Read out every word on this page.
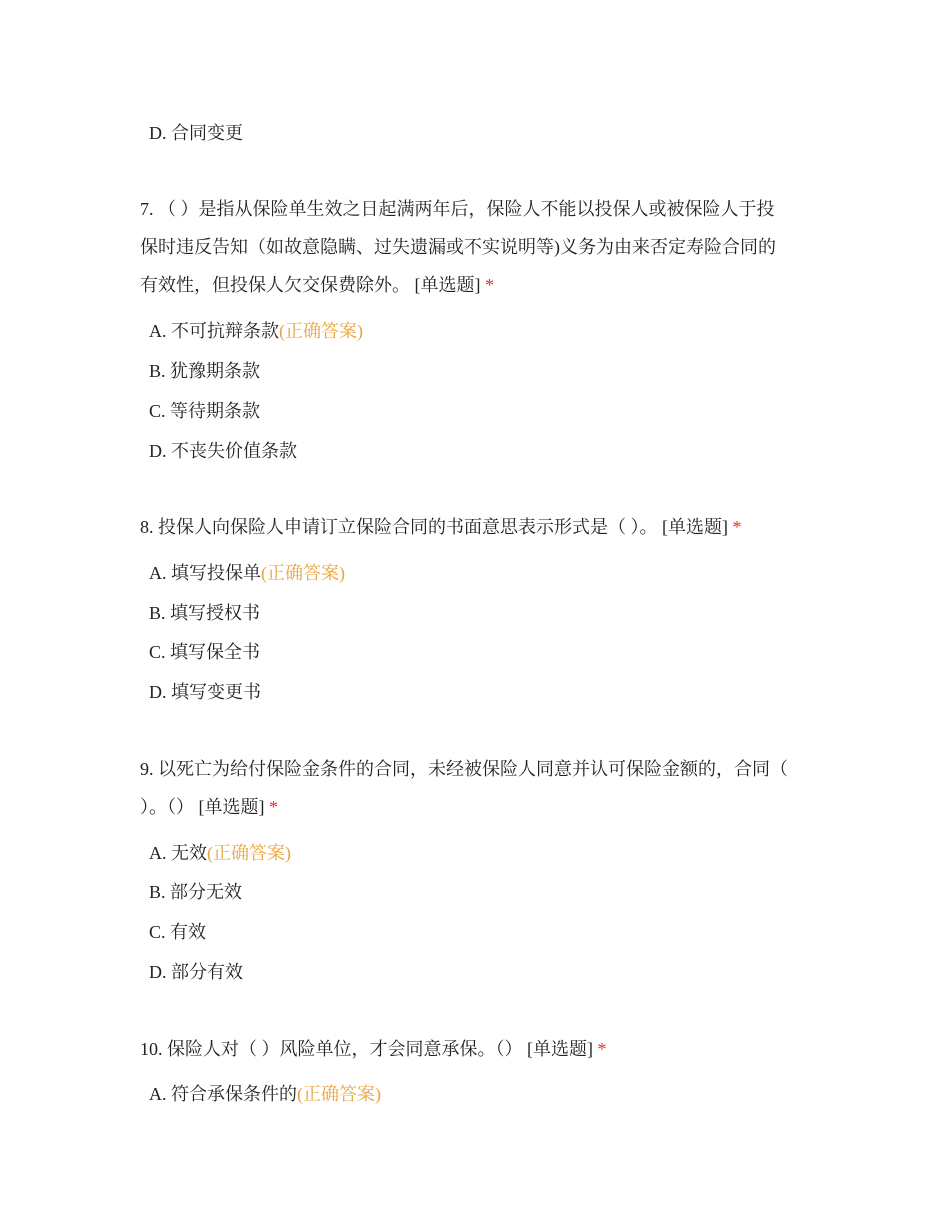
D. 合同变更
7. （ ）是指从保险单生效之日起满两年后，保险人不能以投保人或被保险人于投
保时违反告知（如故意隐瞒、过失遗漏或不实说明等)义务为由来否定寿险合同的
有效性，但投保人欠交保费除外。 [单选题] *
A. 不可抗辩条款(正确答案)
B. 犹豫期条款
C. 等待期条款
D. 不丧失价值条款
8. 投保人向保险人申请订立保险合同的书面意思表示形式是（ ）。 [单选题] *
A. 填写投保单(正确答案)
B. 填写授权书
C. 填写保全书
D. 填写变更书
9. 以死亡为给付保险金条件的合同，未经被保险人同意并认可保险金额的，合同（
）。（） [单选题] *
A. 无效(正确答案)
B. 部分无效
C. 有效
D. 部分有效
10. 保险人对（ ）风险单位，才会同意承保。（） [单选题] *
A. 符合承保条件的(正确答案)
